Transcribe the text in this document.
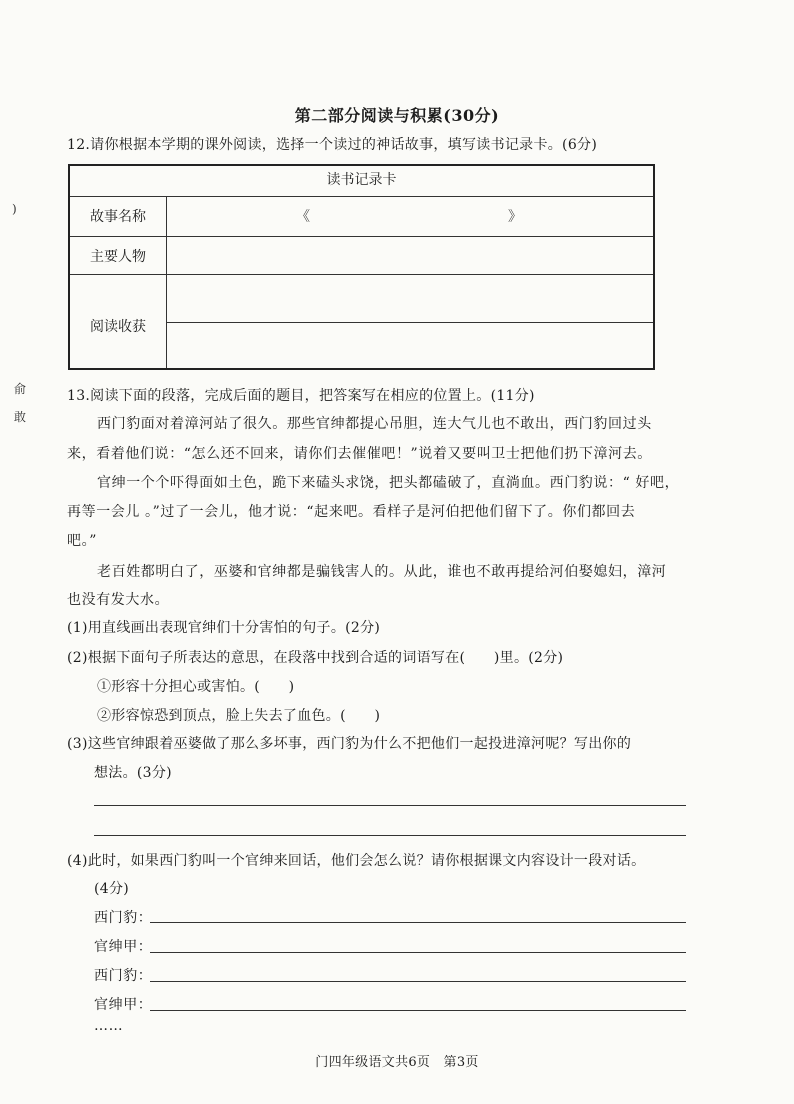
)
俞
敢
第二部分阅读与积累(30分)
12.请你根据本学期的课外阅读，选择一个读过的神话故事，填写读书记录卡。(6分)
读书记录卡
故事名称	《	》
主要人物
阅读收获
13.阅读下面的段落，完成后面的题目，把答案写在相应的位置上。(11分)
西门豹面对着漳河站了很久。那些官绅都提心吊胆，连大气儿也不敢出，西门豹回过头
来，看着他们说：“怎么还不回来，请你们去催催吧！”说着又要叫卫士把他们扔下漳河去。
官绅一个个吓得面如土色，跪下来磕头求饶，把头都磕破了，直淌血。西门豹说：“ 好吧，
再等一会儿 。”过了一会儿，他才说：“起来吧。看样子是河伯把他们留下了。你们都回去
吧。”
老百姓都明白了，巫婆和官绅都是骗钱害人的。从此，谁也不敢再提给河伯娶媳妇，漳河
也没有发大水。
(1)用直线画出表现官绅们十分害怕的句子。(2分)
(2)根据下面句子所表达的意思，在段落中找到合适的词语写在(　　)里。(2分)
①形容十分担心或害怕。(　　)
②形容惊恐到顶点，脸上失去了血色。(　　)
(3)这些官绅跟着巫婆做了那么多坏事，西门豹为什么不把他们一起投进漳河呢？写出你的
想法。(3分)
(4)此时，如果西门豹叫一个官绅来回话，他们会怎么说？请你根据课文内容设计一段对话。
(4分)
西门豹：
官绅甲：
西门豹：
官绅甲：
……
门四年级语文共6页　第3页
